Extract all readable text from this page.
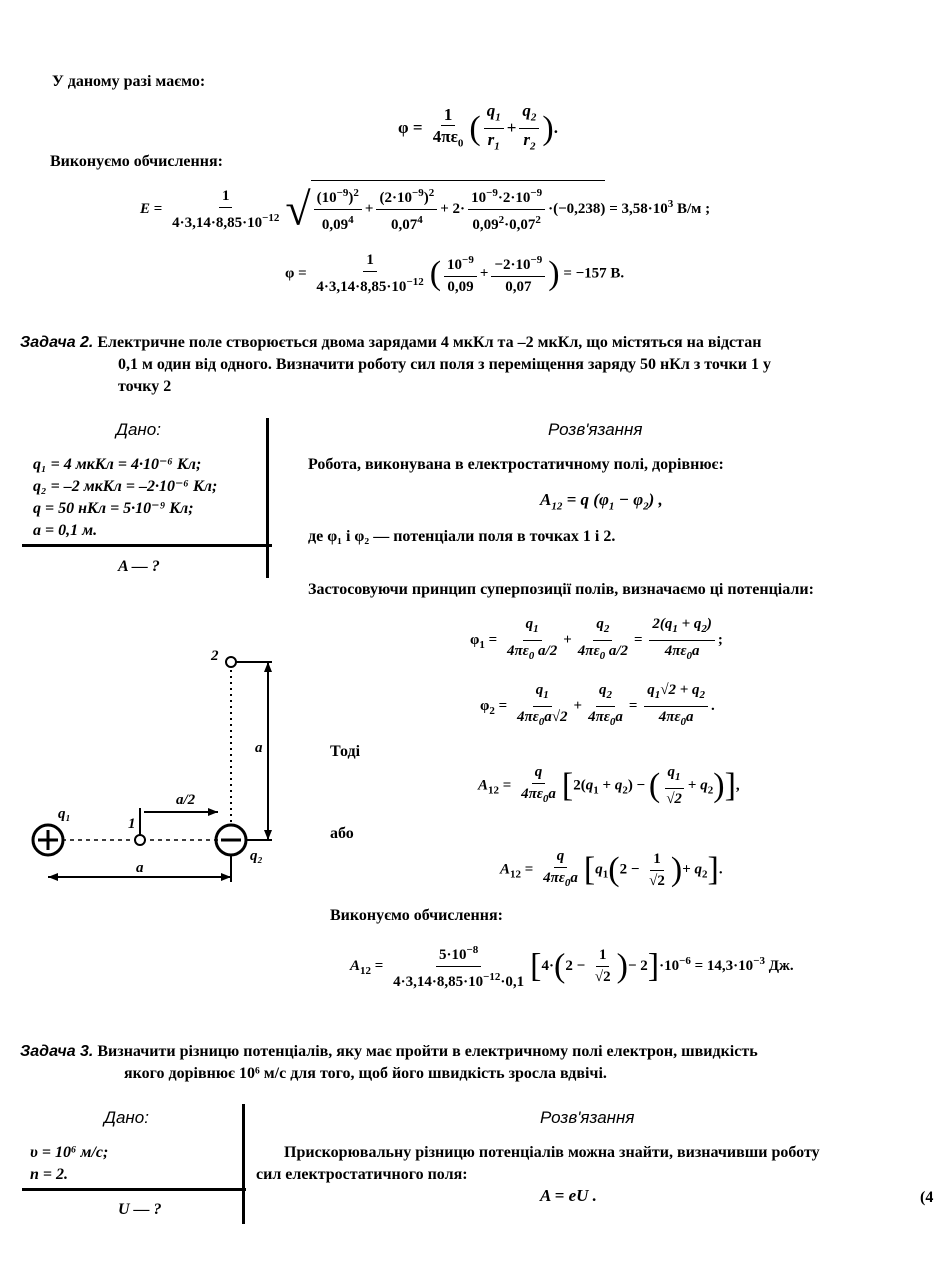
У даному разі маємо:
$\varphi = \frac{1}{4\pi\varepsilon_0}$ ( $\frac{q_1}{r_1} + \frac{q_2}{r_2}$ ).
Виконуємо обчислення:
$E = \frac{1}{4\cdot 3,14\cdot 8,85\cdot 10^{-12}}$ √ $\frac{(10^{-9})^2}{0,09^4} + \frac{(2\cdot 10^{-9})^2}{0,07^4} + 2\cdot \frac{10^{-9}\cdot 2\cdot 10^{-9}}{0,09^2\cdot 0,07^2} \cdot(-0,238) = 3,58\cdot 10^3$ В/м ;
$\varphi = \frac{1}{4\cdot 3,14\cdot 8,85\cdot 10^{-12}}$ ( $\frac{10^{-9}}{0,09} + \frac{-2\cdot 10^{-9}}{0,07}$ ) = −157 В.
Задача 2. Електричне поле створюється двома зарядами 4 мкКл та –2 мкКл, що містяться на відстан
0,1 м один від одного. Визначити роботу сил поля з переміщення заряду 50 нКл з точки 1 у
точку 2
Дано:
q₁ = 4 мкКл = 4·10⁻⁶ Кл;
q₂ = –2 мкКл = –2·10⁻⁶ Кл;
q = 50 нКл = 5·10⁻⁹ Кл;
a = 0,1 м.
A — ?
Розв'язання
Робота, виконувана в електростатичному полі, дорівнює:
$A_{12} = q$ $(\varphi_1 - \varphi_2)$ ,
де φ₁ і φ₂ — потенціали поля в точках 1 і 2.
Застосовуючи принцип суперпозиції полів, визначаємо ці потенціали:
$\varphi_1 = \frac{q_1}{4\pi\varepsilon_0 a/2} + \frac{q_2}{4\pi\varepsilon_0 a/2} = \frac{2(q_1 + q_2)}{4\pi\varepsilon_0a}$ ;
$\varphi_2 = \frac{q_1}{4\pi\varepsilon_0a√2} + \frac{q_2}{4\pi\varepsilon_0a} = \frac{q_1√2 + q_2}{4\pi\varepsilon_0a}$ .
Тоді
$A_{12} = \frac{q}{4\pi\varepsilon_0a} [2(q_1 + q_2)$ − ( $\frac{q_1}{√2} + q_2$)],
або
$A_{12} = \frac{q}{4\pi\varepsilon_0a} [q_1(2 - \frac{1}{√2}$ )+ $q_2$].
Виконуємо обчислення:
$A_{12} = \frac{5\cdot 10^{-8}}{4\cdot 3,14\cdot 8,85\cdot 10^{-12}\cdot 0,1} [4\cdot(2 - \frac{1}{√2}$ )− $2]\cdot 10^{-6} = 14,3\cdot 10^{-3}$ Дж.
2
1
q₁
q₂
a/2
a
a
Задача 3. Визначити різницю потенціалів, яку має пройти в електричному полі електрон, швидкість
якого дорівнює 10⁶ м/с для того, щоб його швидкість зросла вдвічі.
Дано:
υ = 10⁶ м/с;
n = 2.
U — ?
Розв'язання
Прискорювальну різницю потенціалів можна знайти, визначивши роботу
сил електростатичного поля:
A = eU .	(4
